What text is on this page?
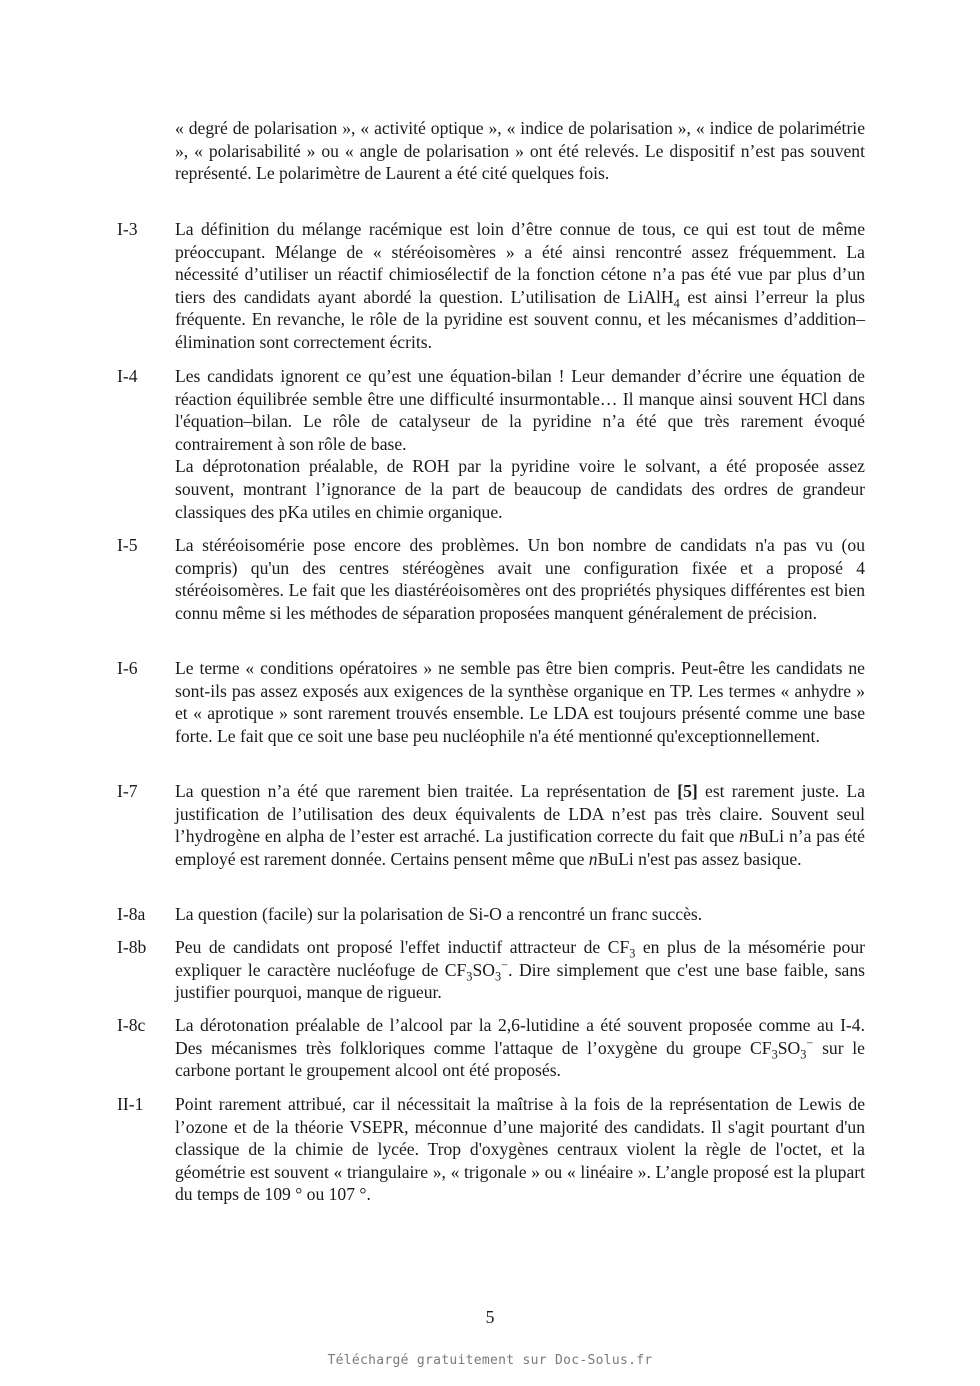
« degré de polarisation », « activité optique », « indice de polarisation », « indice de polarimétrie », « polarisabilité » ou « angle de polarisation » ont été relevés. Le dispositif n’est pas souvent représenté. Le polarimètre de Laurent a été cité quelques fois.

I-3 La définition du mélange racémique est loin d’être connue de tous, ce qui est tout de même préoccupant. Mélange de « stéréoisomères » a été ainsi rencontré assez fréquemment. La nécessité d’utiliser un réactif chimiosélectif de la fonction cétone n’a pas été vue par plus d’un tiers des candidats ayant abordé la question. L’utilisation de LiAlH$_4$ est ainsi l’erreur la plus fréquente. En revanche, le rôle de la pyridine est souvent connu, et les mécanismes d’addition–élimination sont correctement écrits.

I-4 Les candidats ignorent ce qu’est une équation-bilan ! Leur demander d’écrire une équation de réaction équilibrée semble être une difficulté insurmontable… Il manque ainsi souvent HCl dans l'équation–bilan. Le rôle de catalyseur de la pyridine n’a été que très rarement évoqué contrairement à son rôle de base.

La déprotonation préalable, de ROH par la pyridine voire le solvant, a été proposée assez souvent, montrant l’ignorance de la part de beaucoup de candidats des ordres de grandeur classiques des pKa utiles en chimie organique.

I-5 La stéréoisomérie pose encore des problèmes. Un bon nombre de candidats n'a pas vu (ou compris) qu'un des centres stéréogènes avait une configuration fixée et a proposé 4 stéréoisomères. Le fait que les diastéréoisomères ont des propriétés physiques différentes est bien connu même si les méthodes de séparation proposées manquent généralement de précision.

I-6 Le terme « conditions opératoires » ne semble pas être bien compris. Peut-être les candidats ne sont-ils pas assez exposés aux exigences de la synthèse organique en TP. Les termes « anhydre » et « aprotique » sont rarement trouvés ensemble. Le LDA est toujours présenté comme une base forte. Le fait que ce soit une base peu nucléophile n'a été mentionné qu'exceptionnellement.

I-7 La question n’a été que rarement bien traitée. La représentation de [5] est rarement juste. La justification de l’utilisation des deux équivalents de LDA n’est pas très claire. Souvent seul l’hydrogène en alpha de l’ester est arraché. La justification correcte du fait que nBuLi n’a pas été employé est rarement donnée. Certains pensent même que nBuLi n'est pas assez basique.

I-8a La question (facile) sur la polarisation de Si-O a rencontré un franc succès.

I-8b Peu de candidats ont proposé l'effet inductif attracteur de $CF_3$ en plus de la mésomérie pour expliquer le caractère nucléofuge de $CF_3SO_3^-$. Dire simplement que c'est une base faible, sans justifier pourquoi, manque de rigueur.

I-8c La dérotonation préalable de l’alcool par la 2,6-lutidine a été souvent proposée comme au I-4. Des mécanismes très folkloriques comme l'attaque de l’oxygène du groupe $CF_3SO_3^-$ sur le carbone portant le groupement alcool ont été proposés.

II-1 Point rarement attribué, car il nécessitait la maîtrise à la fois de la représentation de Lewis de l’ozone et de la théorie VSEPR, méconnue d’une majorité des candidats. Il s'agit pourtant d'un classique de la chimie de lycée. Trop d'oxygènes centraux violent la règle de l'octet, et la géométrie est souvent « triangulaire », « trigonale » ou « linéaire ». L’angle proposé est la plupart du temps de 109 ° ou 107 °.

5
Téléchargé gratuitement sur Doc-Solus.fr
